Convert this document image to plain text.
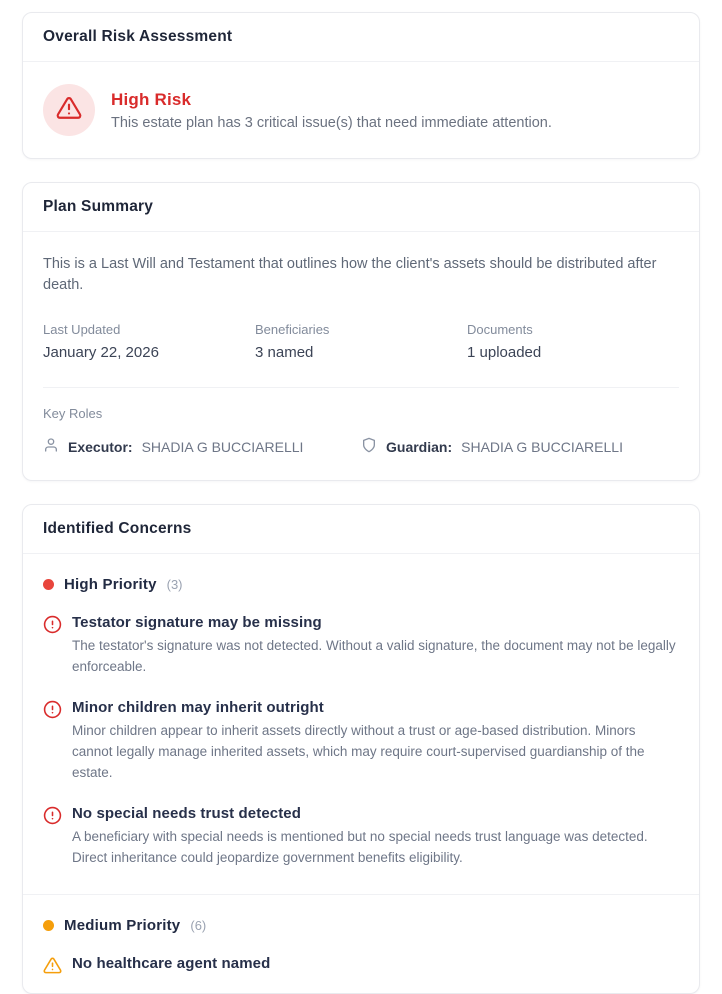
Overall Risk Assessment
High Risk
This estate plan has 3 critical issue(s) that need immediate attention.
Plan Summary

This is a Last Will and Testament that outlines how the client's assets should be distributed after death.

Last Updated
January 22, 2026
Beneficiaries
3 named
Documents
1 uploaded
Key Roles
Executor: SHADIA G BUCCIARELLI	Guardian: SHADIA G BUCCIARELLI
Identified Concerns
High Priority (3)
Testator signature may be missing
The testator's signature was not detected. Without a valid signature, the document may not be legally enforceable.
Minor children may inherit outright
Minor children appear to inherit assets directly without a trust or age-based distribution. Minors cannot legally manage inherited assets, which may require court-supervised guardianship of the estate.
No special needs trust detected
A beneficiary with special needs is mentioned but no special needs trust language was detected. Direct inheritance could jeopardize government benefits eligibility.
Medium Priority (6)
No healthcare agent named
